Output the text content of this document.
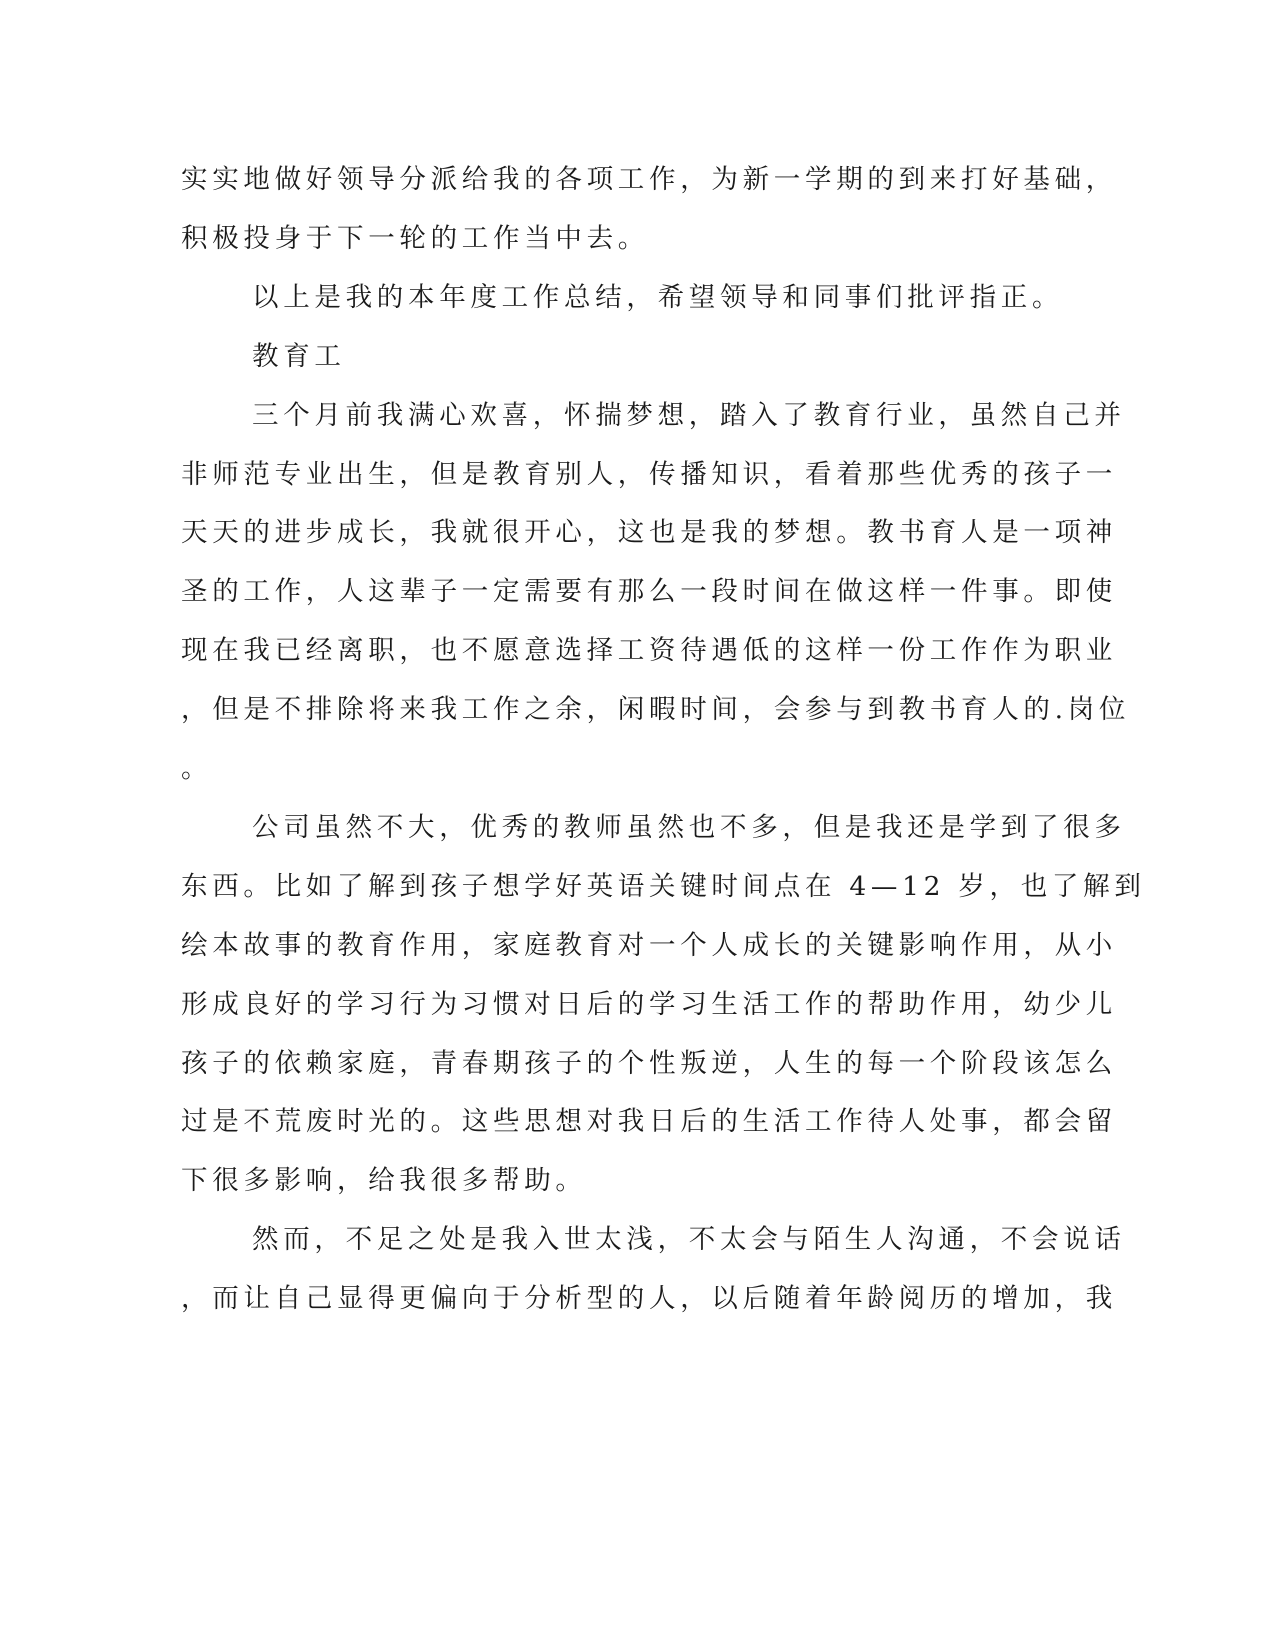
实实地做好领导分派给我的各项工作，为新一学期的到来打好基础，
积极投身于下一轮的工作当中去。
以上是我的本年度工作总结，希望领导和同事们批评指正。
教育工
三个月前我满心欢喜，怀揣梦想，踏入了教育行业，虽然自己并
非师范专业出生，但是教育别人，传播知识，看着那些优秀的孩子一
天天的进步成长，我就很开心，这也是我的梦想。教书育人是一项神
圣的工作，人这辈子一定需要有那么一段时间在做这样一件事。即使
现在我已经离职，也不愿意选择工资待遇低的这样一份工作作为职业
，但是不排除将来我工作之余，闲暇时间，会参与到教书育人的.岗位
。
公司虽然不大，优秀的教师虽然也不多，但是我还是学到了很多
东西。比如了解到孩子想学好英语关键时间点在 4—12 岁，也了解到
绘本故事的教育作用，家庭教育对一个人成长的关键影响作用，从小
形成良好的学习行为习惯对日后的学习生活工作的帮助作用，幼少儿
孩子的依赖家庭，青春期孩子的个性叛逆，人生的每一个阶段该怎么
过是不荒废时光的。这些思想对我日后的生活工作待人处事，都会留
下很多影响，给我很多帮助。
然而，不足之处是我入世太浅，不太会与陌生人沟通，不会说话
，而让自己显得更偏向于分析型的人，以后随着年龄阅历的增加，我
